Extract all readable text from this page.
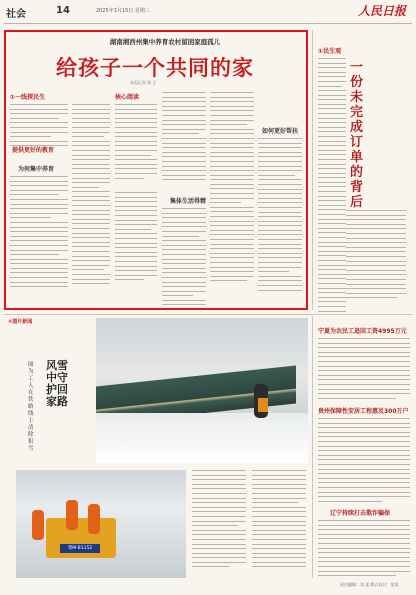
社会	14	2025年1月15日 星期三	人民日报
湖南湘西州集中养育农村留困家庭孤儿
给孩子一个共同的家
本报记者 陈 正
①一线探民生	核心阅读
为何集中养育
集体生活得精
如何更好帮扶
提供更好的教育
①民生观
一份未完成订单的背后
①图片新闻
图为工人在铁路线上清除积雪
风雪中守护回家路
鄂M·B1152
宁夏为农民工追回工资4995万元
贵州保障性安居工程惠及300万户
辽宁持续打击欺诈骗保
责任编辑：刘 某 版式设计：某某
